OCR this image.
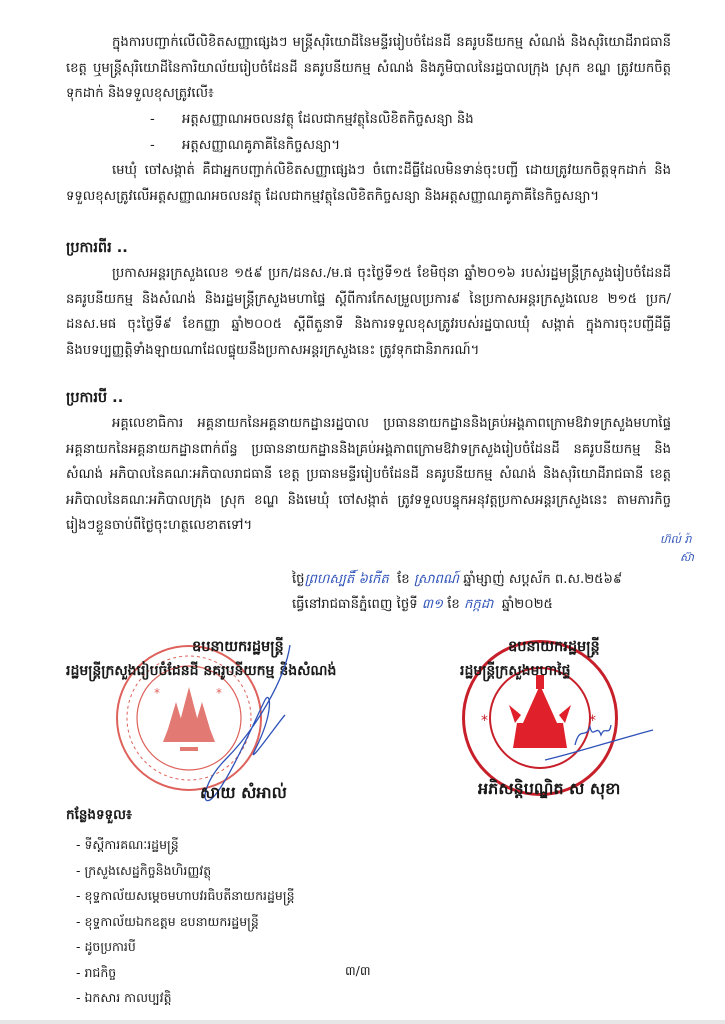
ក្នុងការបញ្ជាក់លើលិខិតសញ្ញាផ្សេងៗ មន្ត្រីសុរិយោដីនៃមន្ទីររៀបចំដែនដី នគរូបនីយកម្ម សំណង់ និងសុរិយោដីរាជធានី ខេត្ត ឬមន្ត្រីសុរិយោដីនៃការិយាល័យរៀបចំដែនដី នគរូបនីយកម្ម សំណង់ និងភូមិបាលនៃរដ្ឋបាលក្រុង ស្រុក ខណ្ឌ ត្រូវយកចិត្តទុកដាក់ និងទទួលខុសត្រូវលើ៖
- អត្តសញ្ញាណអចលនវត្ថុ ដែលជាកម្មវត្ថុនៃលិខិតកិច្ចសន្យា និង
- អត្តសញ្ញាណគូភាគីនៃកិច្ចសន្យា។
មេឃុំ ចៅសង្កាត់ គឺជាអ្នកបញ្ជាក់លិខិតសញ្ញាផ្សេងៗ ចំពោះដីធ្លីដែលមិនទាន់ចុះបញ្ជី ដោយត្រូវយកចិត្តទុកដាក់ និងទទួលខុសត្រូវលើអត្តសញ្ញាណអចលនវត្ថុ ដែលជាកម្មវត្ថុនៃលិខិតកិច្ចសន្យា និងអត្តសញ្ញាណគូភាគីនៃកិច្ចសន្យា។
ប្រការពីរ ..
ប្រកាសអន្តរក្រសួងលេខ ១៥៩ ប្រក/ដនស./ម.ផ ចុះថ្ងៃទី១៥ ខែមិថុនា ឆ្នាំ២០១៦ របស់រដ្ឋមន្ត្រីក្រសួងរៀបចំដែនដី នគរូបនីយកម្ម និងសំណង់ និងរដ្ឋមន្ត្រីក្រសួងមហាផ្ទៃ ស្តីពីការកែសម្រួលប្រការ៩ នៃប្រកាសអន្តរក្រសួងលេខ ២១៥ ប្រក/ដនស.មផ ចុះថ្ងៃទី៩ ខែកញ្ញា ឆ្នាំ២០០៥ ស្តីពីតួនាទី និងការទទួលខុសត្រូវរបស់រដ្ឋបាលឃុំ សង្កាត់ ក្នុងការចុះបញ្ជីដីធ្លី និងបទប្បញ្ញត្តិទាំងឡាយណាដែលផ្ទុយនឹងប្រកាសអន្តរក្រសួងនេះ ត្រូវទុកជានិរាករណ៍។
ប្រការបី ..
អគ្គលេខាធិការ អគ្គនាយកនៃអគ្គនាយកដ្ឋានរដ្ឋបាល ប្រធាននាយកដ្ឋាននិងគ្រប់អង្គភាពក្រោមឱវាទក្រសួងមហាផ្ទៃ អគ្គនាយកនៃអគ្គនាយកដ្ឋានពាក់ព័ន្ធ ប្រធាននាយកដ្ឋាននិងគ្រប់អង្គភាពក្រោមឱវាទក្រសួងរៀបចំដែនដី នគរូបនីយកម្ម និងសំណង់ អភិបាលនៃគណៈអភិបាលរាជធានី ខេត្ត ប្រធានមន្ទីររៀបចំដែនដី នគរូបនីយកម្ម សំណង់ និងសុរិយោដីរាជធានី ខេត្ត អភិបាលនៃគណៈអភិបាលក្រុង ស្រុក ខណ្ឌ និងមេឃុំ ចៅសង្កាត់ ត្រូវទទួលបន្ទុកអនុវត្តប្រកាសអន្តរក្រសួងនេះ តាមភារកិច្ចរៀងៗខ្លួនចាប់ពីថ្ងៃចុះហត្ថលេខាតទៅ។
ហ៊ល់ រ៉ា
ស៊ា
ថ្ងៃព្រហស្បតិ៍ ៦កើត ខែ ស្រាពណ៍ ឆ្នាំម្សាញ់ សប្តស័ក ព.ស.២៥៦៩
ធ្វើនៅរាជធានីភ្នំពេញ ថ្ងៃទី ៣១ ខែ កក្កដា ឆ្នាំ២០២៥
*	*
*	*
ឧបនាយករដ្ឋមន្ត្រី
រដ្ឋមន្ត្រីក្រសួងរៀបចំដែនដី នគរូបនីយកម្ម និងសំណង់
ឧបនាយករដ្ឋមន្ត្រី
រដ្ឋមន្ត្រីក្រសួងមហាផ្ទៃ
សាយ សំអាល់	អភិសន្តិបណ្ឌិត ស សុខា
កន្លែងទទួល៖
- ទីស្តីការគណៈរដ្ឋមន្ត្រី
- ក្រសួងសេដ្ឋកិច្ចនិងហិរញ្ញវត្ថុ
- ខុទ្ទកាល័យសម្តេចមហាបវរធិបតីនាយករដ្ឋមន្ត្រី
- ខុទ្ទកាល័យឯកឧត្តម ឧបនាយករដ្ឋមន្ត្រី
- ដូចប្រការបី
- រាជកិច្ច
- ឯកសារ កាលប្បវត្តិ
៣/៣
